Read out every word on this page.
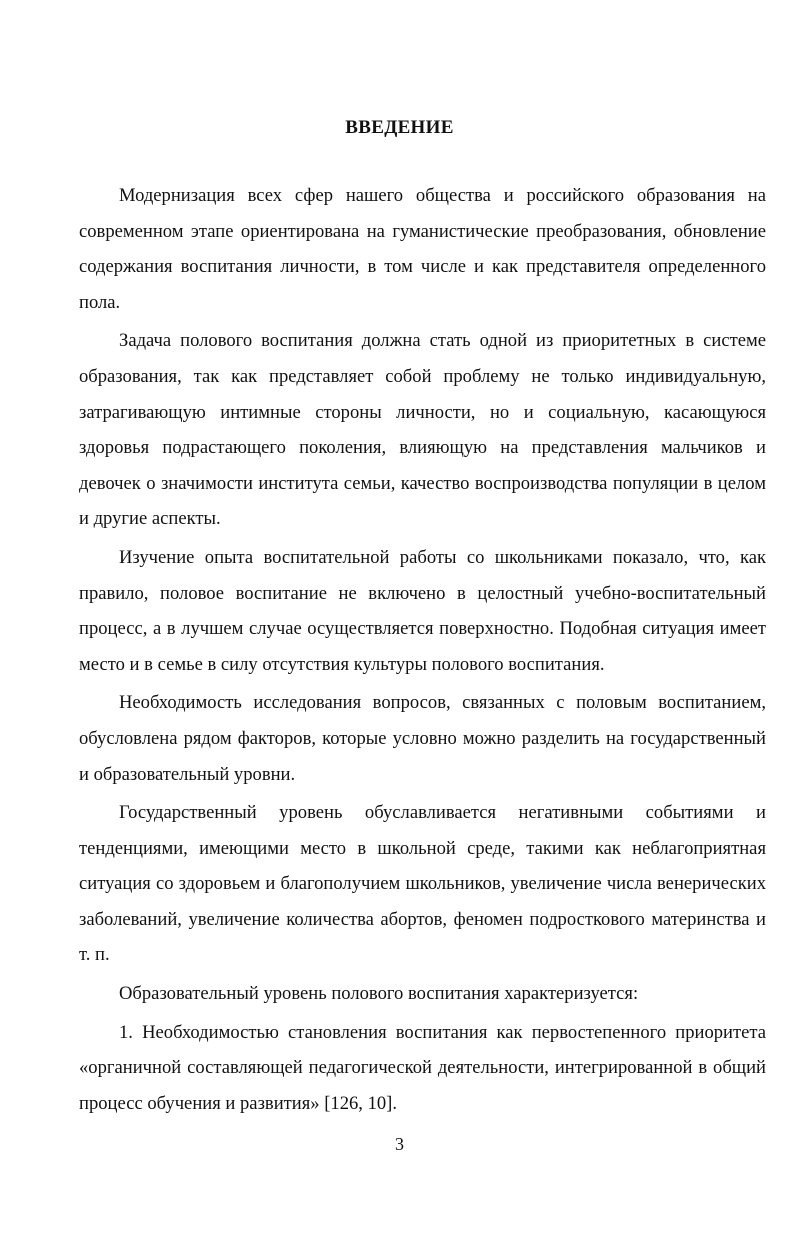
ВВЕДЕНИЕ

Модернизация всех сфер нашего общества и российского образования на современном этапе ориентирована на гуманистические преобразования, обновление содержания воспитания личности, в том числе и как представителя определенного пола.

Задача полового воспитания должна стать одной из приоритетных в системе образования, так как представляет собой проблему не только индивидуальную, затрагивающую интимные стороны личности, но и социальную, касающуюся здоровья подрастающего поколения, влияющую на представления мальчиков и девочек о значимости института семьи, качество воспроизводства популяции в целом и другие аспекты.

Изучение опыта воспитательной работы со школьниками показало, что, как правило, половое воспитание не включено в целостный учебно-воспитательный процесс, а в лучшем случае осуществляется поверхностно. Подобная ситуация имеет место и в семье в силу отсутствия культуры полового воспитания.

Необходимость исследования вопросов, связанных с половым воспитанием, обусловлена рядом факторов, которые условно можно разделить на государственный и образовательный уровни.

Государственный уровень обуславливается негативными событиями и тенденциями, имеющими место в школьной среде, такими как неблагоприятная ситуация со здоровьем и благополучием школьников, увеличение числа венерических заболеваний, увеличение количества абортов, феномен подросткового материнства и т. п.

Образовательный уровень полового воспитания характеризуется:

1. Необходимостью становления воспитания как первостепенного приоритета «органичной составляющей педагогической деятельности, интегрированной в общий процесс обучения и развития» [126, 10].

3
